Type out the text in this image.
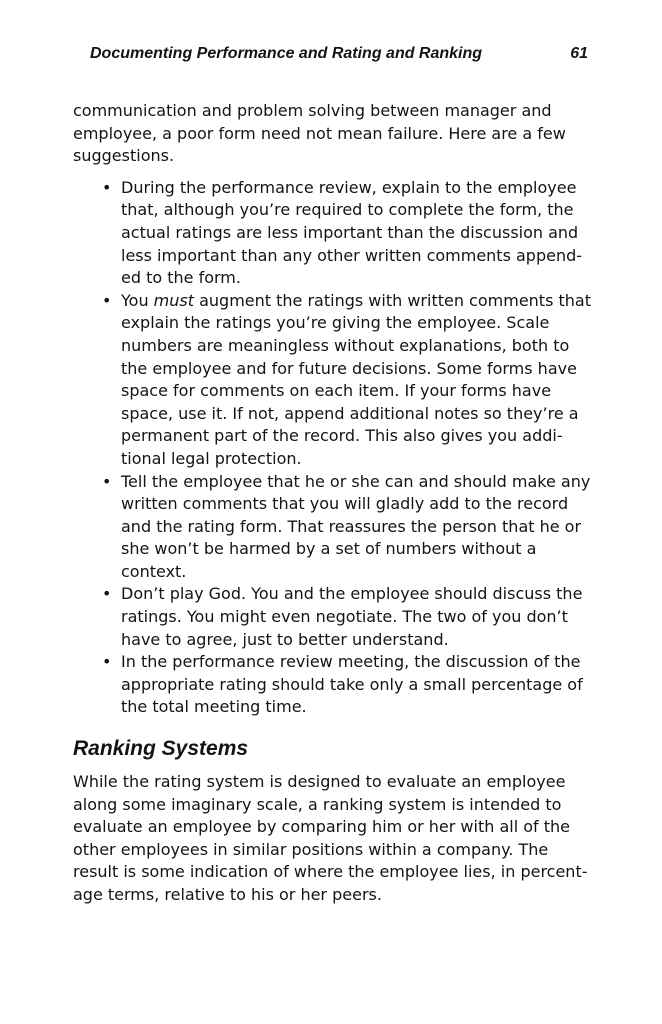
Documenting Performance and Rating and Ranking	61

communication and problem solving between manager and employee, a poor form need not mean failure. Here are a few suggestions.

• During the performance review, explain to the employee that, although you’re required to complete the form, the actual ratings are less important than the discussion and less important than any other written comments appended to the form.
• You must augment the ratings with written comments that explain the ratings you’re giving the employee. Scale numbers are meaningless without explanations, both to the employee and for future decisions. Some forms have space for comments on each item. If your forms have space, use it. If not, append additional notes so they’re a permanent part of the record. This also gives you additional legal protection.
• Tell the employee that he or she can and should make any written comments that you will gladly add to the record and the rating form. That reassures the person that he or she won’t be harmed by a set of numbers without a context.
• Don’t play God. You and the employee should discuss the ratings. You might even negotiate. The two of you don’t have to agree, just to better understand.
• In the performance review meeting, the discussion of the appropriate rating should take only a small percentage of the total meeting time.
Ranking Systems

While the rating system is designed to evaluate an employee along some imaginary scale, a ranking system is intended to evaluate an employee by comparing him or her with all of the other employees in similar positions within a company. The result is some indication of where the employee lies, in percentage terms, relative to his or her peers.
